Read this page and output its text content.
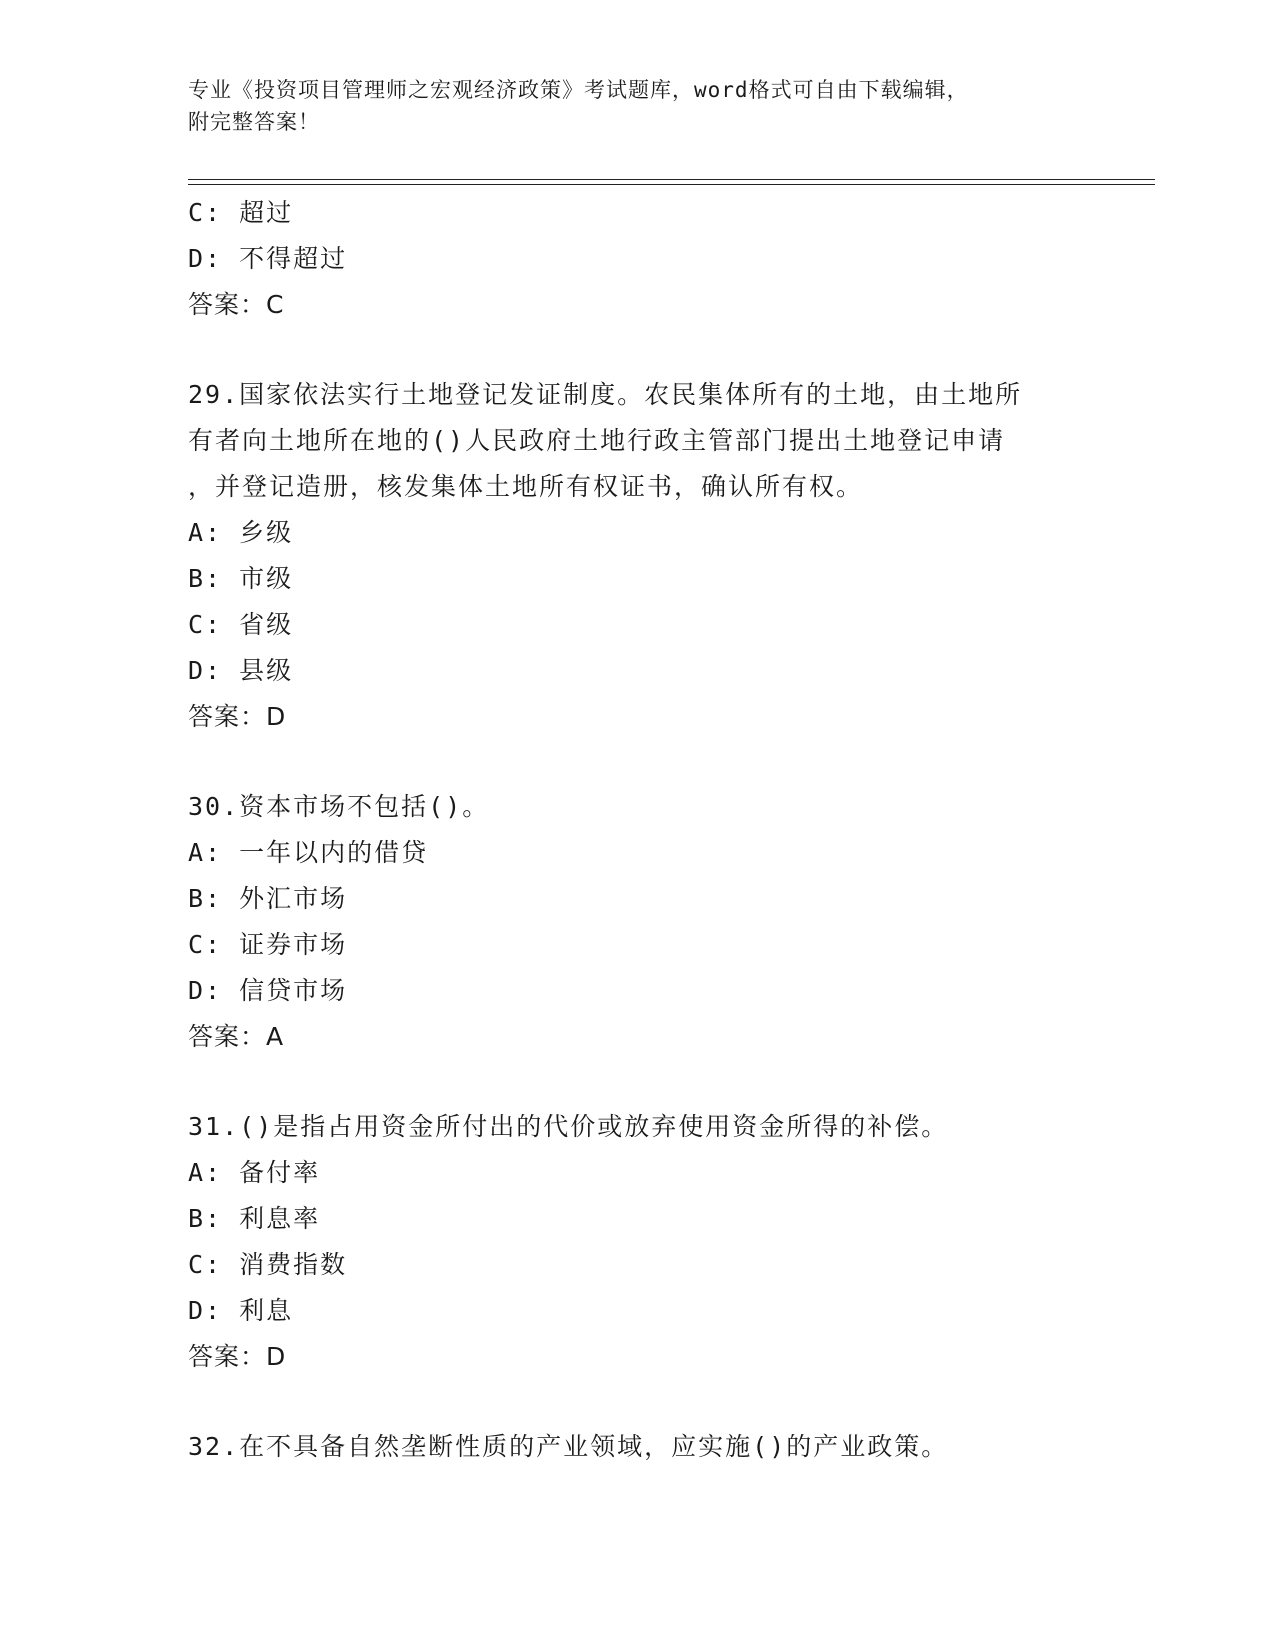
专业《投资项目管理师之宏观经济政策》考试题库，word格式可自由下载编辑，
附完整答案！
C: 超过
D: 不得超过
答案：C
29.国家依法实行土地登记发证制度。农民集体所有的土地，由土地所
有者向土地所在地的()人民政府土地行政主管部门提出土地登记申请
，并登记造册，核发集体土地所有权证书，确认所有权。
A: 乡级
B: 市级
C: 省级
D: 县级
答案：D
30.资本市场不包括()。
A: 一年以内的借贷
B: 外汇市场
C: 证券市场
D: 信贷市场
答案：A
31.()是指占用资金所付出的代价或放弃使用资金所得的补偿。
A: 备付率
B: 利息率
C: 消费指数
D: 利息
答案：D
32.在不具备自然垄断性质的产业领域，应实施()的产业政策。
